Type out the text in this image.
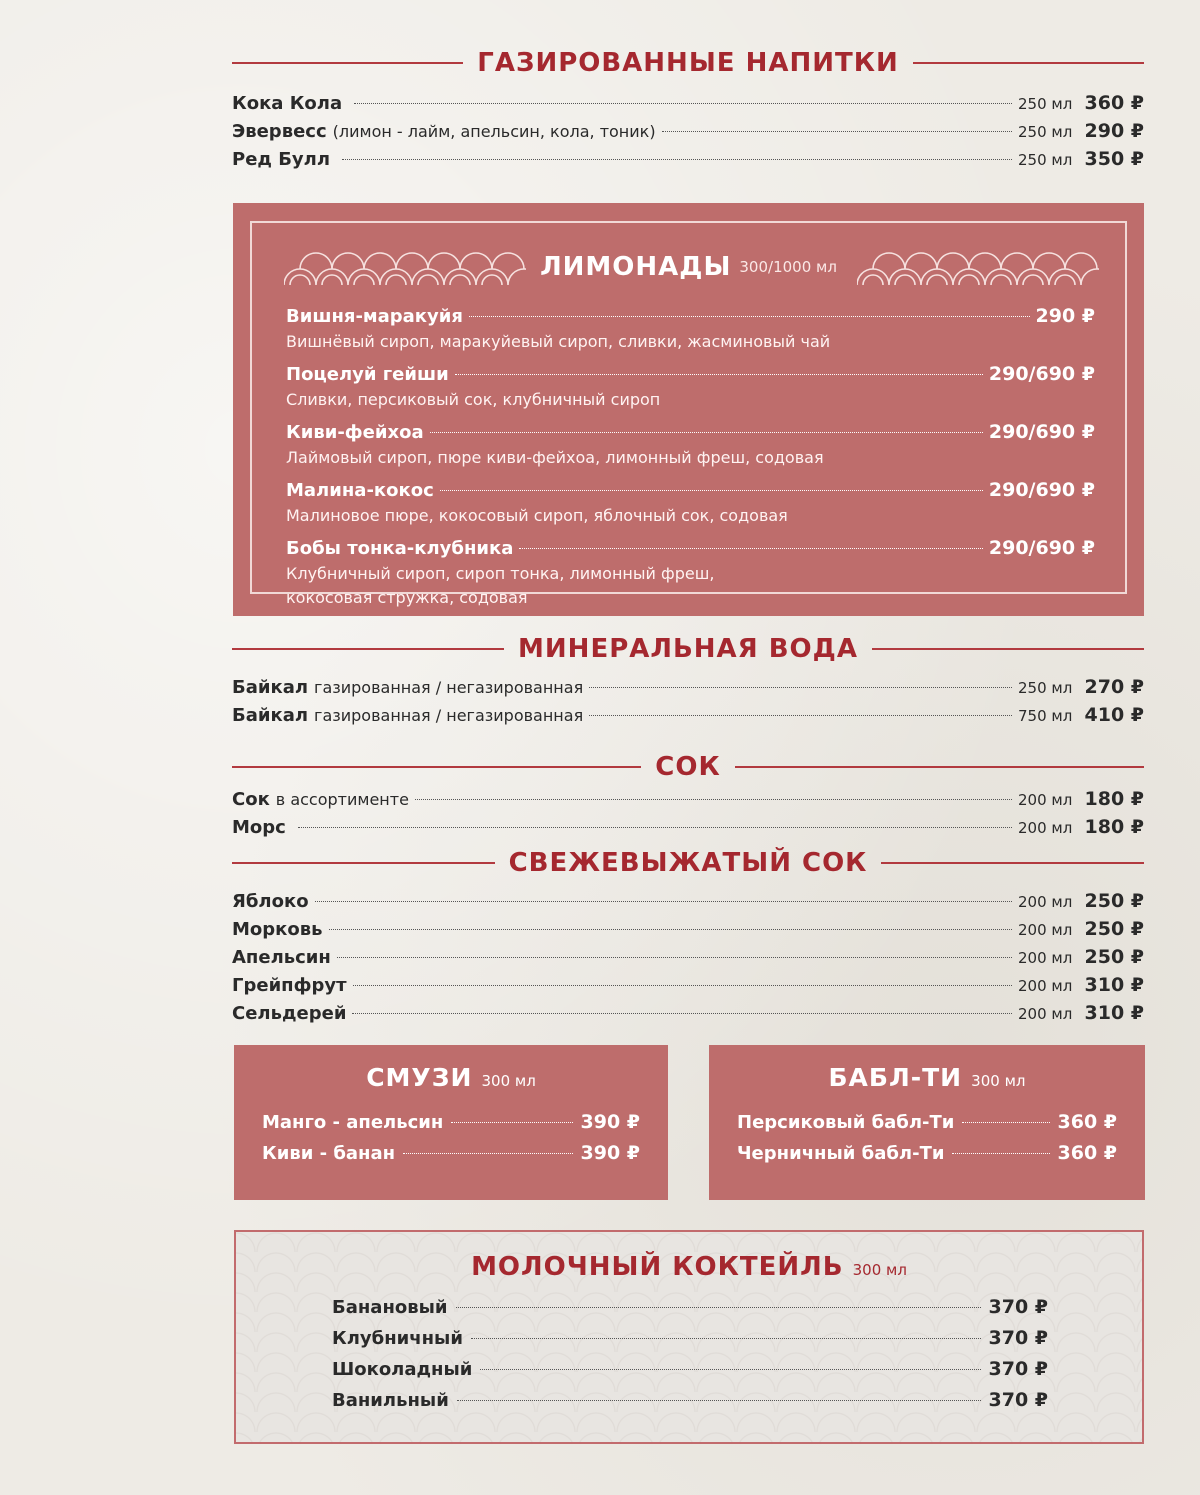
ГАЗИРОВАННЫЕ НАПИТКИ
Кока Кола	250 мл 360 ₽
Эвервесс (лимон - лайм, апельсин, кола, тоник)	250 мл 290 ₽
Ред Булл	250 мл 350 ₽
ЛИМОНАДЫ 300/1000 мл
Вишня-маракуйя	290 ₽
Вишнёвый сироп, маракуйевый сироп, сливки, жасминовый чай
Поцелуй гейши	290/690 ₽
Сливки, персиковый сок, клубничный сироп
Киви-фейхоа	290/690 ₽
Лаймовый сироп, пюре киви-фейхоа, лимонный фреш, содовая
Малина-кокос	290/690 ₽
Малиновое пюре, кокосовый сироп, яблочный сок, содовая
Бобы тонка-клубника	290/690 ₽
Клубничный сироп, сироп тонка, лимонный фреш,
кокосовая стружка, содовая
МИНЕРАЛЬНАЯ ВОДА
Байкал газированная / негазированная	250 мл 270 ₽
Байкал газированная / негазированная	750 мл 410 ₽
СОК
Сок в ассортименте	200 мл 180 ₽
Морс	200 мл 180 ₽
СВЕЖЕВЫЖАТЫЙ СОК
Яблоко	200 мл 250 ₽
Морковь	200 мл 250 ₽
Апельсин	200 мл 250 ₽
Грейпфрут	200 мл 310 ₽
Сельдерей	200 мл 310 ₽
СМУЗИ 300 мл
Манго - апельсин	390 ₽
Киви - банан	390 ₽
БАБЛ-ТИ 300 мл
Персиковый бабл-Ти	360 ₽
Черничный бабл-Ти	360 ₽
МОЛОЧНЫЙ КОКТЕЙЛЬ 300 мл
Банановый	370 ₽
Клубничный	370 ₽
Шоколадный	370 ₽
Ванильный	370 ₽
